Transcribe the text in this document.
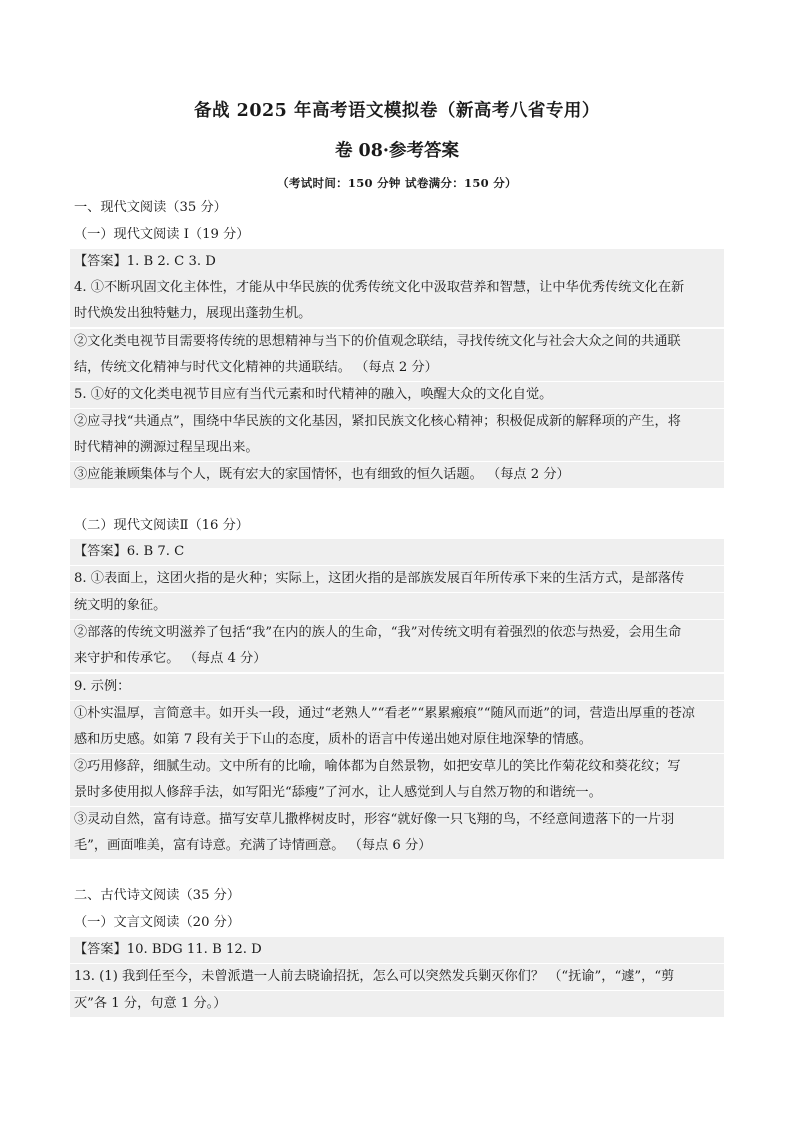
备战 2025 年高考语文模拟卷（新高考八省专用）
卷 08·参考答案
（考试时间：150 分钟 试卷满分：150 分）
一、现代文阅读（35 分）
（一）现代文阅读 I（19 分）
【答案】1. B 2. C 3. D
4. ①不断巩固文化主体性，才能从中华民族的优秀传统文化中汲取营养和智慧，让中华优秀传统文化在新
时代焕发出独特魅力，展现出蓬勃生机。
②文化类电视节目需要将传统的思想精神与当下的价值观念联结，寻找传统文化与社会大众之间的共通联
结，传统文化精神与时代文化精神的共通联结。 （每点 2 分）
5. ①好的文化类电视节目应有当代元素和时代精神的融入，唤醒大众的文化自觉。
②应寻找“共通点”，围绕中华民族的文化基因，紧扣民族文化核心精神；积极促成新的解释项的产生，将
时代精神的溯源过程呈现出来。
③应能兼顾集体与个人，既有宏大的家国情怀，也有细致的恒久话题。 （每点 2 分）
（二）现代文阅读Ⅱ（16 分）
【答案】6. B 7. C
8. ①表面上，这团火指的是火种；实际上，这团火指的是部族发展百年所传承下来的生活方式，是部落传
统文明的象征。
②部落的传统文明滋养了包括“我”在内的族人的生命，“我”对传统文明有着强烈的依恋与热爱，会用生命
来守护和传承它。 （每点 4 分）
9. 示例：
①朴实温厚，言简意丰。如开头一段，通过“老熟人”“看老”“累累瘢痕”“随风而逝”的词，营造出厚重的苍凉
感和历史感。如第 7 段有关于下山的态度，质朴的语言中传递出她对原住地深挚的情感。
②巧用修辞，细腻生动。文中所有的比喻，喻体都为自然景物，如把安草儿的笑比作菊花纹和葵花纹；写
景时多使用拟人修辞手法，如写阳光“舔瘦”了河水，让人感觉到人与自然万物的和谐统一。
③灵动自然，富有诗意。描写安草儿撒桦树皮时，形容“就好像一只飞翔的鸟，不经意间遗落下的一片羽
毛”，画面唯美，富有诗意。充满了诗情画意。 （每点 6 分）
二、古代诗文阅读（35 分）
（一）文言文阅读（20 分）
【答案】10. BDG 11. B 12. D
13. (1) 我到任至今，未曾派遣一人前去晓谕招抚，怎么可以突然发兵剿灭你们？ （“抚谕”，“遽”，“剪
灭”各 1 分，句意 1 分。）
